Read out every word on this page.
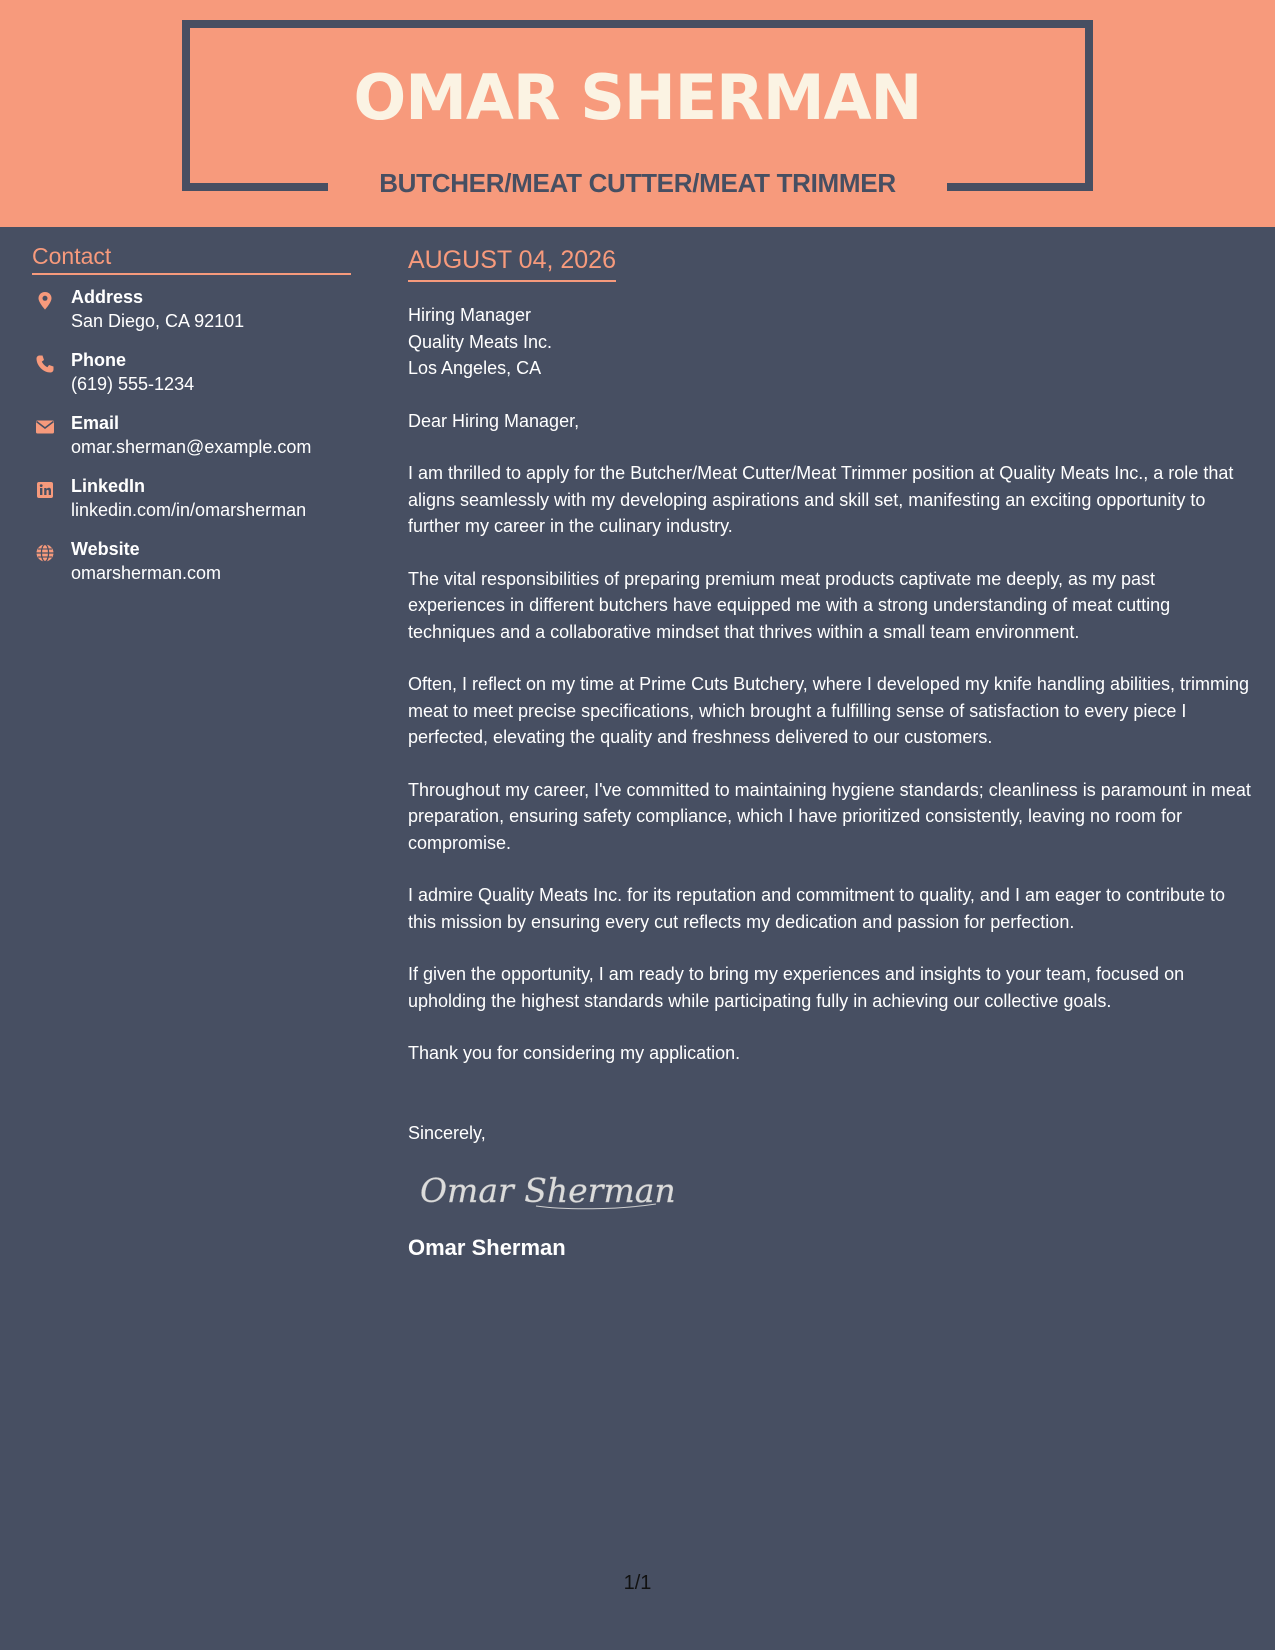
OMAR SHERMAN
BUTCHER/MEAT CUTTER/MEAT TRIMMER
Contact
Address
San Diego, CA 92101
Phone
(619) 555-1234
Email
omar.sherman@example.com
LinkedIn
linkedin.com/in/omarsherman
Website
omarsherman.com
AUGUST 04, 2026
Hiring Manager
Quality Meats Inc.
Los Angeles, CA
Dear Hiring Manager,
I am thrilled to apply for the Butcher/Meat Cutter/Meat Trimmer position at Quality Meats Inc., a role that aligns seamlessly with my developing aspirations and skill set, manifesting an exciting opportunity to further my career in the culinary industry.
The vital responsibilities of preparing premium meat products captivate me deeply, as my past experiences in different butchers have equipped me with a strong understanding of meat cutting techniques and a collaborative mindset that thrives within a small team environment.
Often, I reflect on my time at Prime Cuts Butchery, where I developed my knife handling abilities, trimming meat to meet precise specifications, which brought a fulfilling sense of satisfaction to every piece I perfected, elevating the quality and freshness delivered to our customers.
Throughout my career, I've committed to maintaining hygiene standards; cleanliness is paramount in meat preparation, ensuring safety compliance, which I have prioritized consistently, leaving no room for compromise.
I admire Quality Meats Inc. for its reputation and commitment to quality, and I am eager to contribute to this mission by ensuring every cut reflects my dedication and passion for perfection.
If given the opportunity, I am ready to bring my experiences and insights to your team, focused on upholding the highest standards while participating fully in achieving our collective goals.
Thank you for considering my application.
Sincerely,
Omar Sherman
Omar Sherman
1/1
